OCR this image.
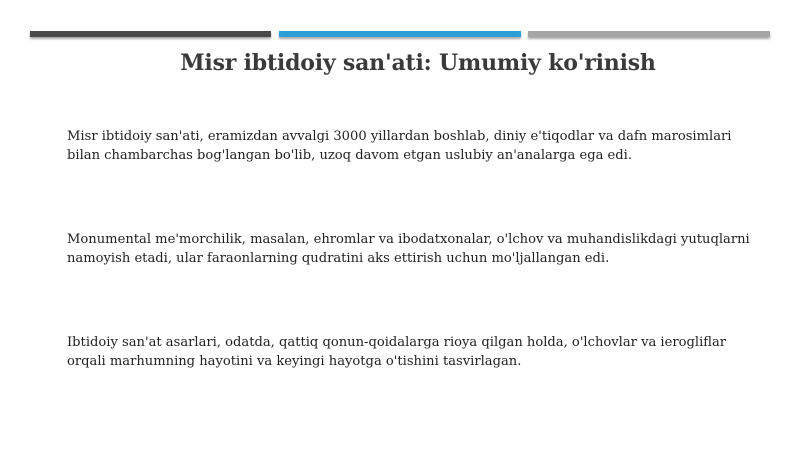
Misr ibtidoiy san'ati: Umumiy ko'rinish
Misr ibtidoiy san'ati, eramizdan avvalgi 3000 yillardan boshlab, diniy e'tiqodlar va dafn marosimlari bilan chambarchas bog'langan bo'lib, uzoq davom etgan uslubiy an'analarga ega edi.
Monumental me'morchilik, masalan, ehromlar va ibodatxonalar, o'lchov va muhandislikdagi yutuqlarni namoyish etadi, ular faraonlarning qudratini aks ettirish uchun mo'ljallangan edi.
Ibtidoiy san'at asarlari, odatda, qattiq qonun-qoidalarga rioya qilgan holda, o'lchovlar va ierogliflar orqali marhumning hayotini va keyingi hayotga o'tishini tasvirlagan.
